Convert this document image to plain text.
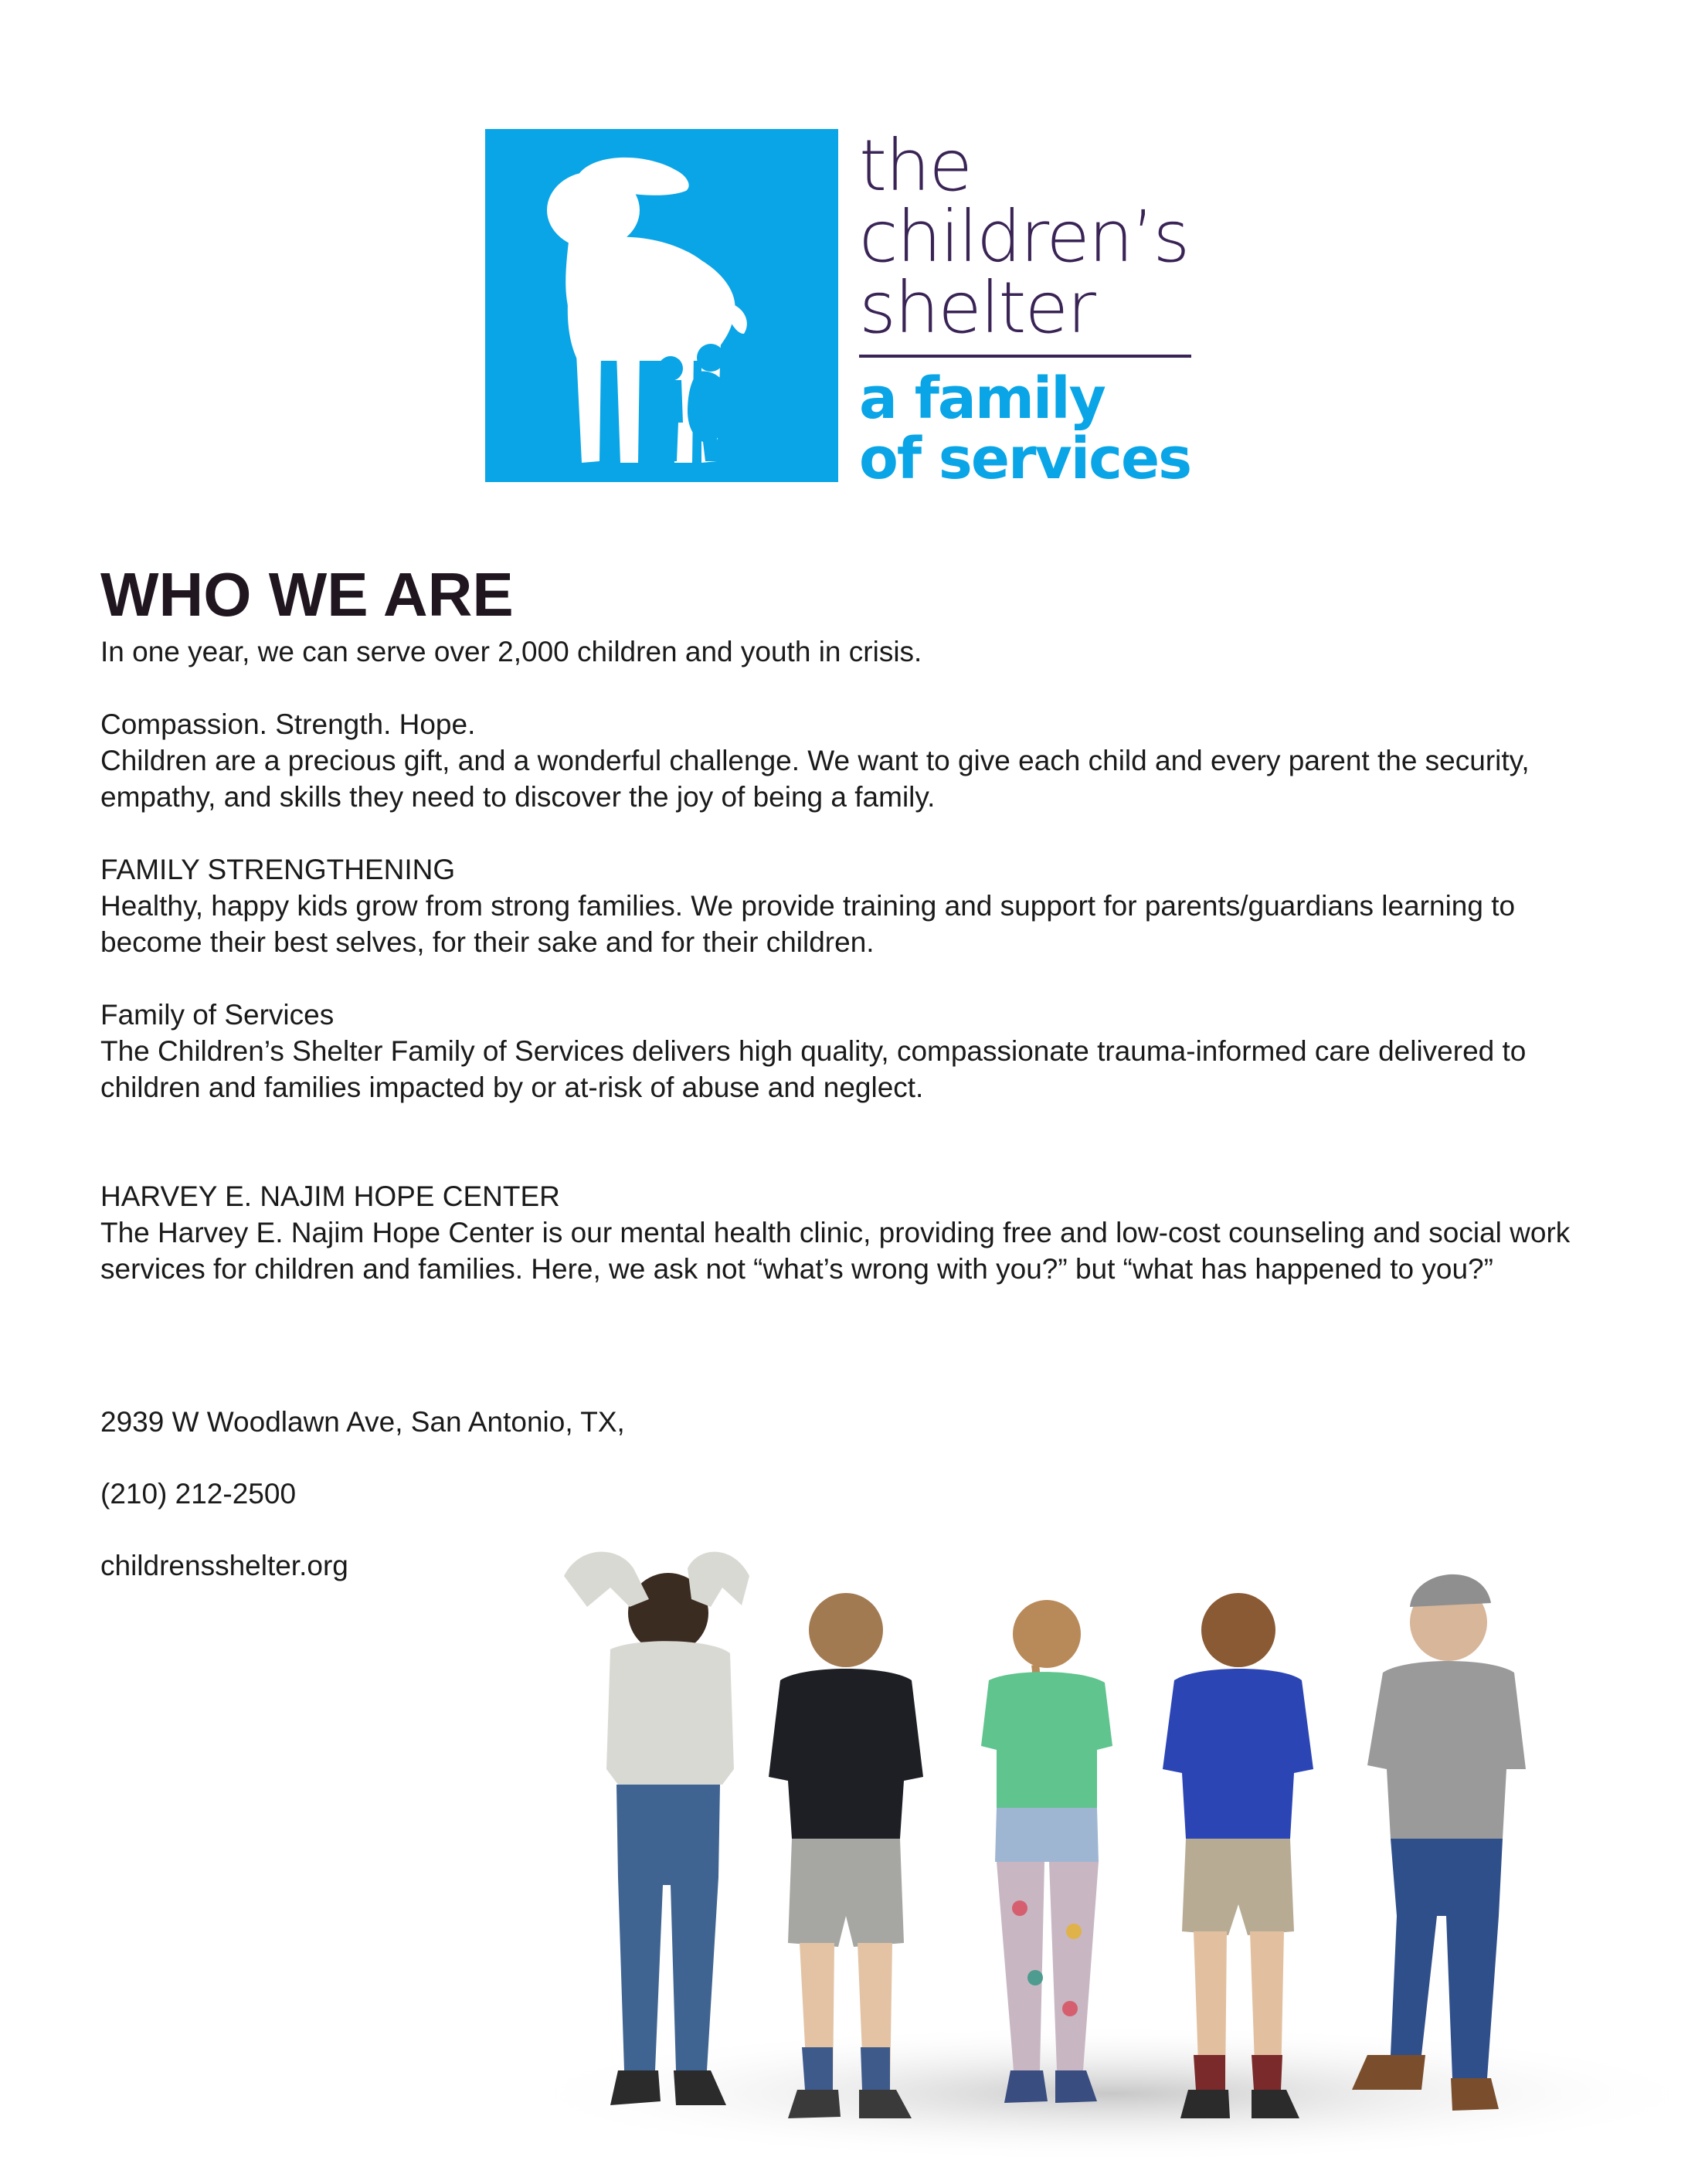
the
children’s
shelter
a family
of services
WHO WE ARE

In one year, we can serve over 2,000 children and youth in crisis.

Compassion. Strength. Hope.

Children are a precious gift, and a wonderful challenge. We want to give each child and every parent the security, empathy, and skills they need to discover the joy of being a family.

FAMILY STRENGTHENING

Healthy, happy kids grow from strong families. We provide training and support for parents/guardians learning to become their best selves, for their sake and for their children.

Family of Services

The Children’s Shelter Family of Services delivers high quality, compassionate trauma-informed care delivered to children and families impacted by or at-risk of abuse and neglect.

HARVEY E. NAJIM HOPE CENTER

The Harvey E. Najim Hope Center is our mental health clinic, providing free and low-cost counseling and social work services for children and families. Here, we ask not “what’s wrong with you?” but “what has happened to you?”

2939 W Woodlawn Ave, San Antonio, TX,
(210) 212-2500
childrensshelter.org
